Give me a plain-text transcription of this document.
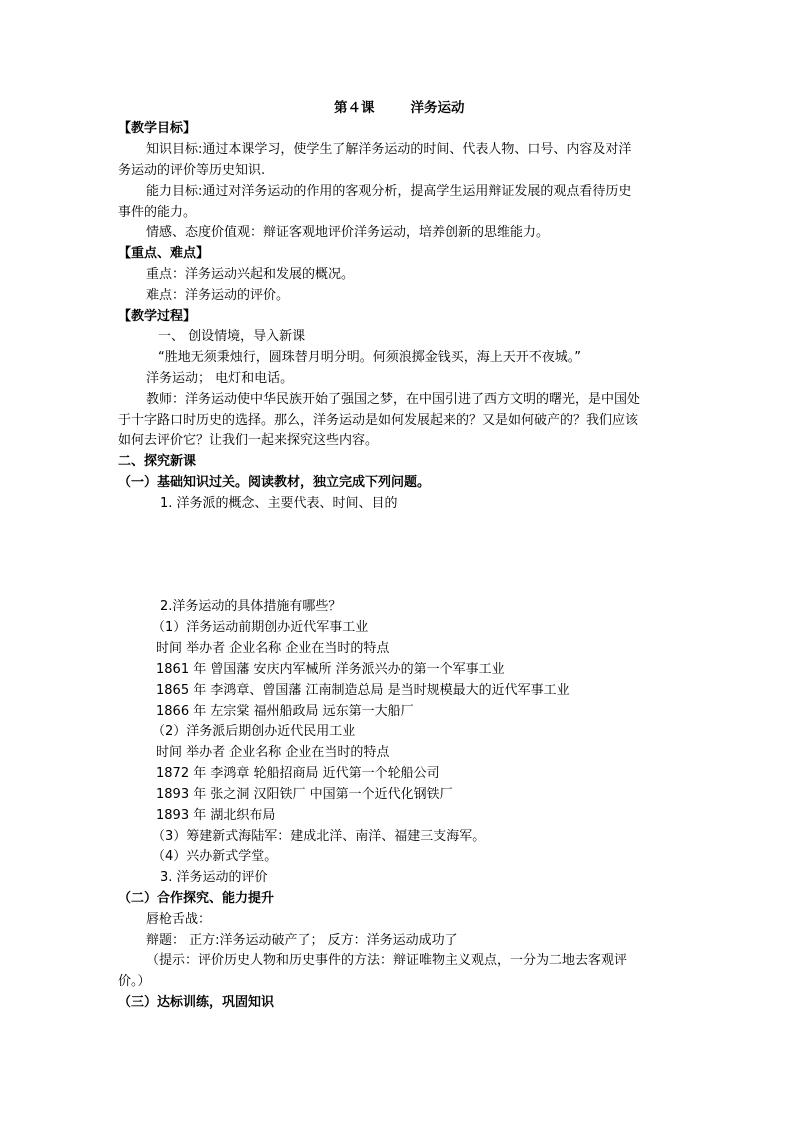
第４课	洋务运动
【教学目标】
知识目标:通过本课学习，使学生了解洋务运动的时间、代表人物、口号、内容及对洋
务运动的评价等历史知识.
能力目标:通过对洋务运动的作用的客观分析，提高学生运用辩证发展的观点看待历史
事件的能力。
情感、态度价值观：辩证客观地评价洋务运动，培养创新的思维能力。
【重点、难点】
重点：洋务运动兴起和发展的概况。
难点：洋务运动的评价。
【教学过程】
一、 创设情境，导入新课
“胜地无须秉烛行，圆珠替月明分明。何须浪掷金钱买，海上天开不夜城。”
洋务运动； 电灯和电话。
教师：洋务运动使中华民族开始了强国之梦，在中国引进了西方文明的曙光，是中国处
于十字路口时历史的选择。那么，洋务运动是如何发展起来的？又是如何破产的？我们应该
如何去评价它？让我们一起来探究这些内容。
二、探究新课
（一）基础知识过关。阅读教材，独立完成下列问题。
1. 洋务派的概念、主要代表、时间、目的
2.洋务运动的具体措施有哪些？
（1）洋务运动前期创办近代军事工业
时间 举办者 企业名称 企业在当时的特点
1861 年 曾国藩 安庆内军械所 洋务派兴办的第一个军事工业
1865 年 李鸿章、曾国藩 江南制造总局 是当时规模最大的近代军事工业
1866 年 左宗棠 福州船政局 远东第一大船厂
（2）洋务派后期创办近代民用工业
时间 举办者 企业名称 企业在当时的特点
1872 年 李鸿章 轮船招商局 近代第一个轮船公司
1893 年 张之洞 汉阳铁厂 中国第一个近代化钢铁厂
1893 年 湖北织布局
（3）筹建新式海陆军：建成北洋、南洋、福建三支海军。
（4）兴办新式学堂。
3. 洋务运动的评价
（二）合作探究、能力提升
唇枪舌战：
辩题： 正方:洋务运动破产了； 反方：洋务运动成功了
（提示：评价历史人物和历史事件的方法：辩证唯物主义观点，一分为二地去客观评
价。）
（三）达标训练，巩固知识
